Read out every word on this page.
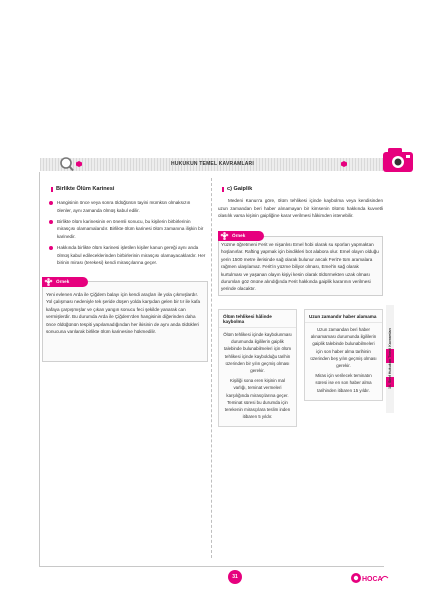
HUKUKUN TEMEL KAVRAMLARI
Birlikte Ölüm Karinesi
Hangisinin önce veya sonra öldüğünün tayini mümkün olmaksızın ölenler, aynı zamanda ölmüş kabul edilir.
Birlikte ölüm karinesinin en önemli sonucu, bu kişilerin birbirlerinin mirasçısı olamamalarıdır. Birlikte ölüm karinesi ölüm zamanına ilişkin bir karinedir.
Hakkında birlikte ölüm karinesi işletilen kişiler kanun gereği aynı anda ölmüş kabul edileceklerinden birbirlerinin mirasçısı olamayacaklardır. Her birinin mirası (terekesi) kendi mirasçılarına geçer.
Örnek
Yeni evlenen Arda ile Çiğdem balayı için kendi araçları ile yola çıkmışlardır. Yol çalışması nedeniyle tek şeride düşen yolda karşıdan gelen bir tır ile kafa kafaya çarpışmışlar ve çıkan yangın sonucu feci şekilde yanarak can vermişlerdir. Bu durumda Arda ile Çiğdem'den hangisinin diğerinden daha önce öldüğünün tespiti yapılamadığından her ikisinin de aynı anda öldükleri sonucuna varılarak birlikte ölüm karinesine hükmedilir.
c) Gaiplik
Medeni Kanun'a göre, ölüm tehlikesi içinde kaybolma veya kendisinden uzun zamandan beri haber alınamayan bir kimsenin ölümü hakkında kuvvetli olasılık varsa kişinin gaipliğine karar verilmesi hâkimden istenebilir.
Örnek
Yüzme öğretmeni Ferit ve nişanlısı Emel hobi olarak su sporları yapmaktan hoşlanırlar. Rafting yapmak için bindikleri bot alabora olur. Emel olayın olduğu yerin 1500 metre ilerisinde sağ olarak bulunur ancak Ferit'e tüm aramalara rağmen ulaşılamaz. Ferit'in yüzme biliyor olması, Emel'in sağ olarak kurtulması ve yaşanan olayın kişiyi kesin olarak öldürmekten uzak olması durumları göz önüne alındığında Ferit hakkında gaiplik kararının verilmesi yerinde olacaktır.
Ölüm tehlikesi hâlinde kaybolma

Ölüm tehlikesi içinde kaybolunması durumunda ilgililerin gaiplik talebinde bulunabilmeleri için ölüm tehlikesi içinde kaybolduğu tarihin üzerinden bir yılın geçmiş olması gerekir.

Kişiliği sona eren kişinin mal varlığı, teminat vermeleri karşılığında mirasçılarına geçer. Teminat süresi bu durumda için terekenin mirasçılara teslim inden itibaren 5 yıldır.

Uzun zamandır haber alamama

Uzun zamandan beri haber alınamaması durumunda ilgililerin gaiplik talebinde bulunabilmeleri için son haber alma tarihinin üzerinden beş yılın geçmiş olması gerekir.

Miras için verilecek teminatın süresi ise en son haber alma tarihinden itibaren 15 yıldır.

10. Sınıf Hukukun Temel Kavramları
31	HOCA
